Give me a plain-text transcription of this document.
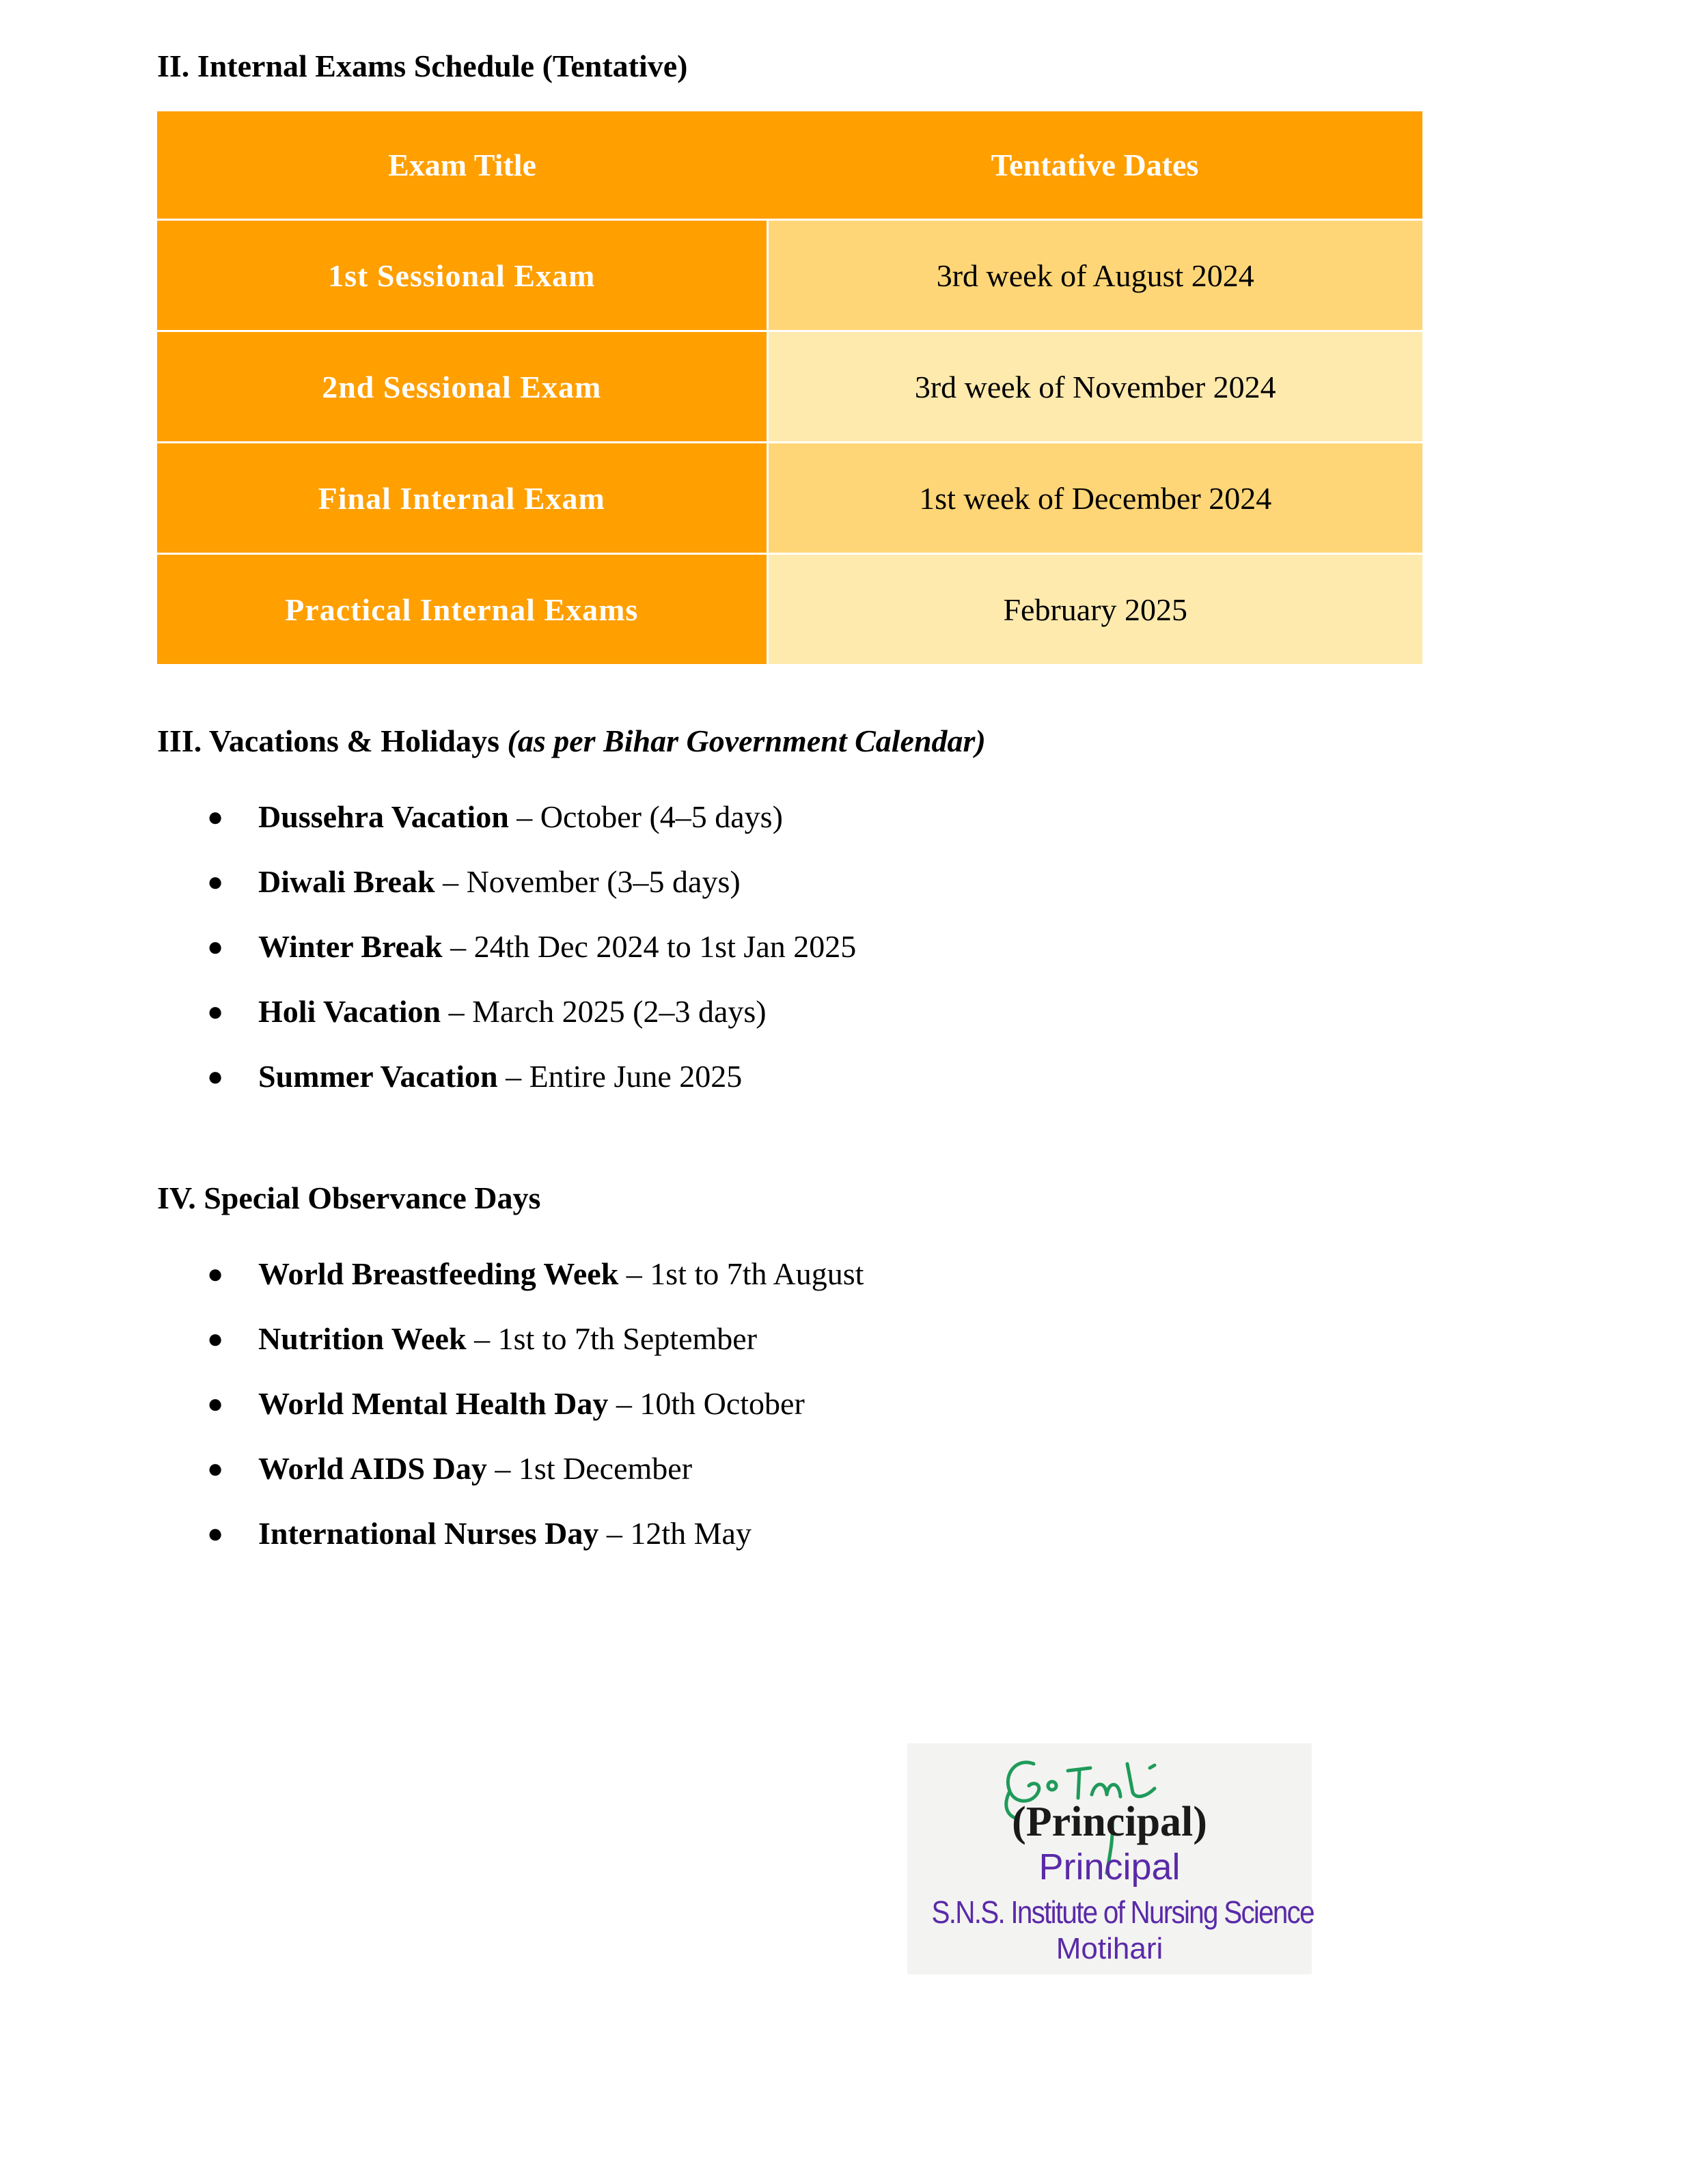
II. Internal Exams Schedule (Tentative)
Exam Title	Tentative Dates
1st Sessional Exam	3rd week of August 2024
2nd Sessional Exam	3rd week of November 2024
Final Internal Exam	1st week of December 2024
Practical Internal Exams	February 2025
III. Vacations & Holidays (as per Bihar Government Calendar)
● Dussehra Vacation – October (4–5 days)
● Diwali Break – November (3–5 days)
● Winter Break – 24th Dec 2024 to 1st Jan 2025
● Holi Vacation – March 2025 (2–3 days)
● Summer Vacation – Entire June 2025
IV. Special Observance Days
● World Breastfeeding Week – 1st to 7th August
● Nutrition Week – 1st to 7th September
● World Mental Health Day – 10th October
● World AIDS Day – 1st December
● International Nurses Day – 12th May
(Principal)
Principal
S.N.S. Institute of Nursing Science
Motihari
